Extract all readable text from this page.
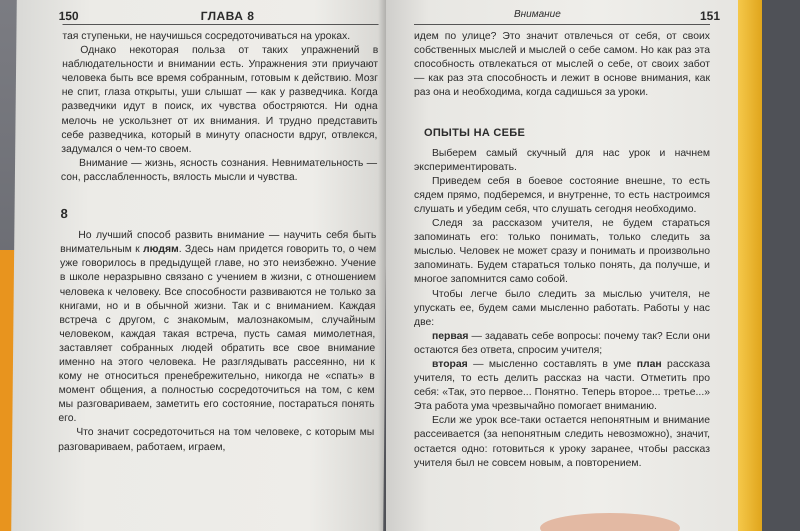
150	ГЛАВА 8

тая ступеньки, не научишься сосредоточиваться на уроках.

Однако некоторая польза от таких упражнений в наблюдательности и внимании есть. Упражнения эти приучают человека быть все время собранным, готовым к действию. Мозг не спит, глаза открыты, уши слышат — как у разведчика. Когда разведчики идут в поиск, их чувства обостряются. Ни одна мелочь не ускользнет от их внимания. И трудно представить себе разведчика, который в минуту опасности вдруг, отвлекся, задумался о чем-то своем.

Внимание — жизнь, ясность сознания. Невнимательность — сон, расслабленность, вялость мысли и чувства.

8

Но лучший способ развить внимание — научить себя быть внимательным к людям. Здесь нам придется говорить то, о чем уже говорилось в предыдущей главе, но это неизбежно. Учение в школе неразрывно связано с учением в жизни, с отношением человека к человеку. Все способности развиваются не только за книгами, но и в обычной жизни. Так и с вниманием. Каждая встреча с другом, с знакомым, малознакомым, случайным человеком, каждая такая встреча, пусть самая мимолетная, заставляет собранных людей обратить все свое внимание именно на этого человека. Не разглядывать рассеянно, ни к кому не относиться пренебрежительно, никогда не «спать» в момент общения, а полностью сосредоточиться на том, с кем мы разговариваем, заметить его состояние, постараться понять его.

Что значит сосредоточиться на том человеке, с которым мы разговариваем, работаем, играем,

Внимание	151

идем по улице? Это значит отвлечься от себя, от своих собственных мыслей и мыслей о себе самом. Но как раз эта способность отвлекаться от мыслей о себе, от своих забот — как раз эта способность и лежит в основе внимания, как раз она и необходима, когда садишься за уроки.

ОПЫТЫ НА СЕБЕ

Выберем самый скучный для нас урок и начнем экспериментировать.

Приведем себя в боевое состояние внешне, то есть сядем прямо, подберемся, и внутренне, то есть настроимся слушать и убедим себя, что слушать сегодня необходимо.

Следя за рассказом учителя, не будем стараться запоминать его: только понимать, только следить за мыслью. Человек не может сразу и понимать и произвольно запоминать. Будем стараться только понять, да получше, и многое запомнится само собой.

Чтобы легче было следить за мыслью учителя, не упускать ее, будем сами мысленно работать. Работы у нас две:

первая — задавать себе вопросы: почему так? Если они остаются без ответа, спросим учителя;

вторая — мысленно составлять в уме план рассказа учителя, то есть делить рассказ на части. Отметить про себя: «Так, это первое... Понятно. Теперь второе... третье...» Эта работа ума чрезвычайно помогает вниманию.

Если же урок все-таки остается непонятным и внимание рассеивается (за непонятным следить невозможно), значит, остается одно: готовиться к уроку заранее, чтобы рассказ учителя был не совсем новым, а повторением.
